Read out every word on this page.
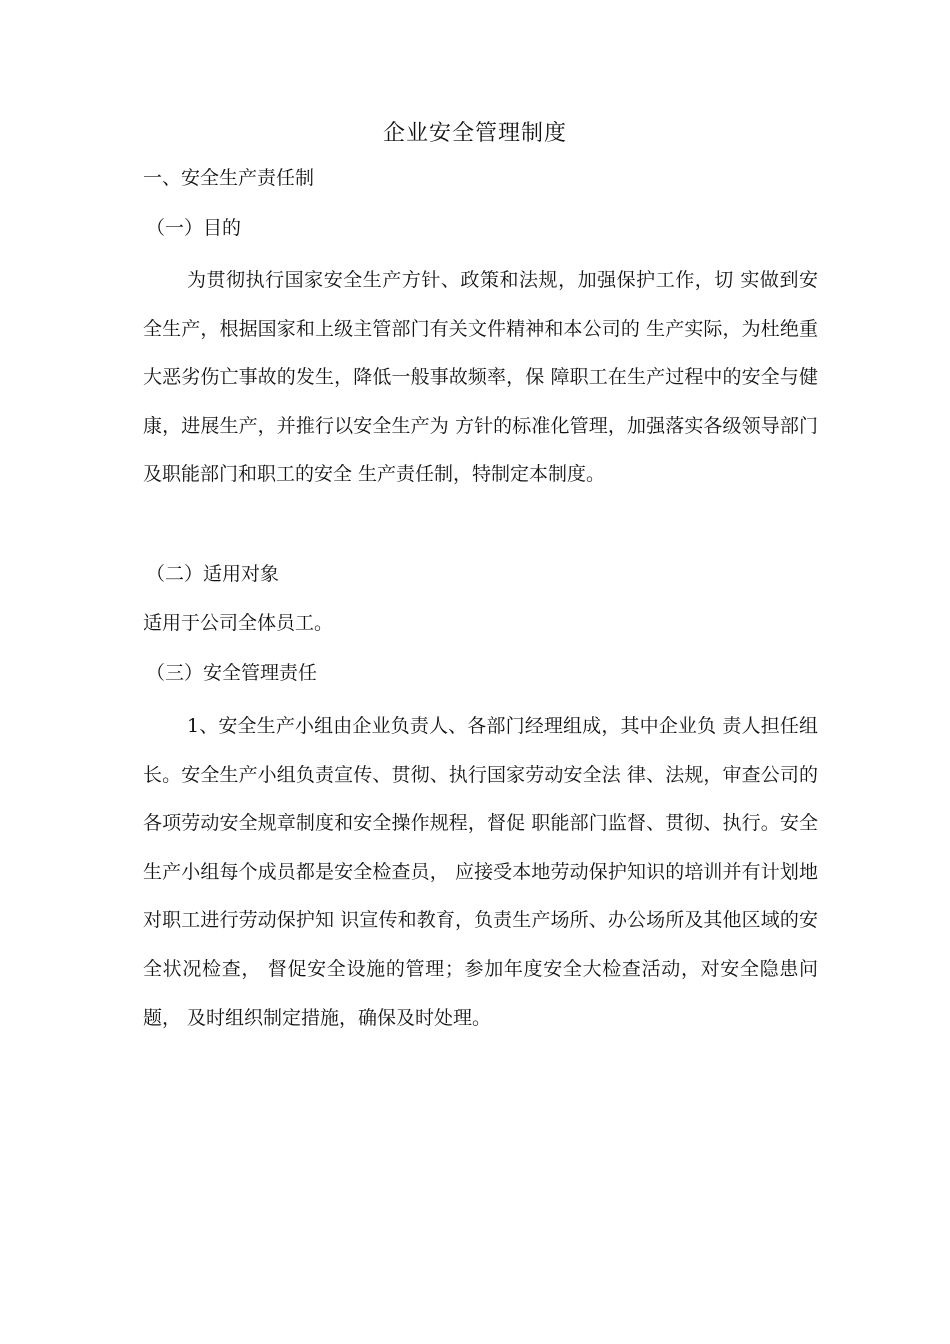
企业安全管理制度
一、安全生产责任制
（一）目的

为贯彻执行国家安全生产方针、政策和法规，加强保护工作，切 实做到安全生产，根据国家和上级主管部门有关文件精神和本公司的 生产实际，为杜绝重大恶劣伤亡事故的发生，降低一般事故频率，保 障职工在生产过程中的安全与健康，进展生产，并推行以安全生产为 方针的标准化管理，加强落实各级领导部门及职能部门和职工的安全 生产责任制，特制定本制度。

（二）适用对象
适用于公司全体员工。
（三）安全管理责任

1、安全生产小组由企业负责人、各部门经理组成，其中企业负 责人担任组长。安全生产小组负责宣传、贯彻、执行国家劳动安全法 律、法规，审查公司的各项劳动安全规章制度和安全操作规程，督促 职能部门监督、贯彻、执行。安全生产小组每个成员都是安全检查员， 应接受本地劳动保护知识的培训并有计划地对职工进行劳动保护知 识宣传和教育，负责生产场所、办公场所及其他区域的安全状况检查， 督促安全设施的管理；参加年度安全大检查活动，对安全隐患问题， 及时组织制定措施，确保及时处理。
